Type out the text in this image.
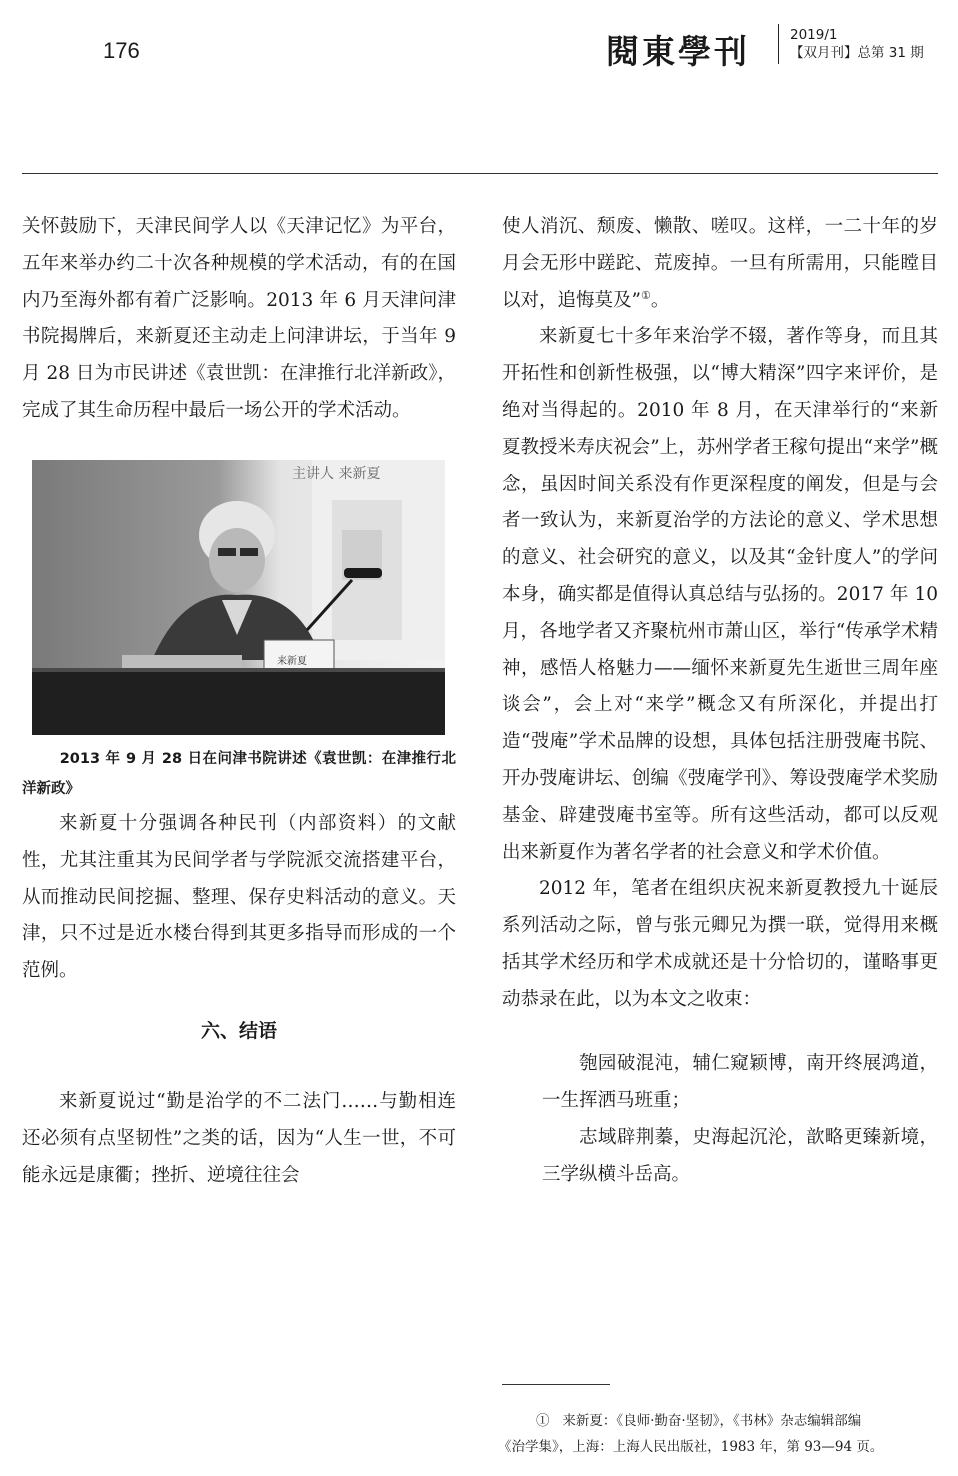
176	閱東學刊	2019/1
【双月刊】总第 31 期

关怀鼓励下，天津民间学人以《天津记忆》为平台，五年来举办约二十次各种规模的学术活动，有的在国内乃至海外都有着广泛影响。2013 年 6 月天津问津书院揭牌后，来新夏还主动走上问津讲坛，于当年 9 月 28 日为市民讲述《袁世凯：在津推行北洋新政》，完成了其生命历程中最后一场公开的学术活动。

主讲人 来新夏
来新夏
2013 年 9 月 28 日在问津书院讲述《袁世凯：在津推行北洋新政》

来新夏十分强调各种民刊（内部资料）的文献性，尤其注重其为民间学者与学院派交流搭建平台，从而推动民间挖掘、整理、保存史料活动的意义。天津，只不过是近水楼台得到其更多指导而形成的一个范例。

六、结语

来新夏说过“勤是治学的不二法门……与勤相连还必须有点坚韧性”之类的话，因为“人生一世，不可能永远是康衢；挫折、逆境往往会

使人消沉、颓废、懒散、嗟叹。这样，一二十年的岁月会无形中蹉跎、荒废掉。一旦有所需用，只能瞠目以对，追悔莫及”①。

来新夏七十多年来治学不辍，著作等身，而且其开拓性和创新性极强，以“博大精深”四字来评价，是绝对当得起的。2010 年 8 月，在天津举行的“来新夏教授米寿庆祝会”上，苏州学者王稼句提出“来学”概念，虽因时间关系没有作更深程度的阐发，但是与会者一致认为，来新夏治学的方法论的意义、学术思想的意义、社会研究的意义，以及其“金针度人”的学问本身，确实都是值得认真总结与弘扬的。2017 年 10 月，各地学者又齐聚杭州市萧山区，举行“传承学术精神，感悟人格魅力——缅怀来新夏先生逝世三周年座谈会”，会上对“来学”概念又有所深化，并提出打造“弢庵”学术品牌的设想，具体包括注册弢庵书院、开办弢庵讲坛、创编《弢庵学刊》、筹设弢庵学术奖励基金、辟建弢庵书室等。所有这些活动，都可以反观出来新夏作为著名学者的社会意义和学术价值。

2012 年，笔者在组织庆祝来新夏教授九十诞辰系列活动之际，曾与张元卿兄为撰一联，觉得用来概括其学术经历和学术成就还是十分恰切的，谨略事更动恭录在此，以为本文之收束：

匏园破混沌，辅仁窥颖博，南开终展鸿道，一生挥洒马班重；

志域辟荆蓁，史海起沉沦，歆略更臻新境，三学纵横斗岳高。

① 来新夏：《良师·勤奋·坚韧》，《书林》杂志编辑部编
《治学集》，上海：上海人民出版社，1983 年，第 93—94 页。
